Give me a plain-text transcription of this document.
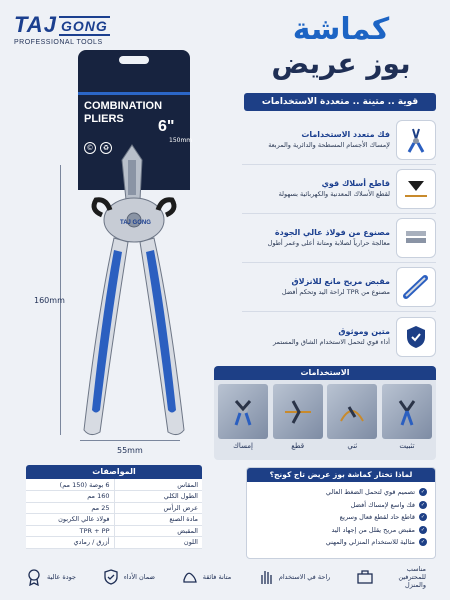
TAJ GONG
PROFESSIONAL TOOLS	كماشة
بوز عريض
قوية .. متينة .. متعددة الاستخدامات
COMBINATION
PLIERS	6"
150mm
©	♻
TAJ GONG
160mm
55mm
فك متعدد الاستخدامات
لإمساك الأجسام المسطحة والدائرية والمربعة
قاطع أسلاك قوي
لقطع الأسلاك المعدنية والكهربائية بسهولة
مصنوع من فولاذ عالي الجودة
معالجة حرارياً لصلابة ومتانة أعلى وعمر أطول
مقبض مريح مانع للانزلاق
مصنوع من TPR لراحة اليد وتحكم أفضل
متين وموثوق
أداء قوي لتحمل الاستخدام الشاق والمستمر
الاستخدامات
تثبيت
ثني
قطع
إمساك
المواصفات
6 بوصة (150 مم)	المقاس
160 مم	الطول الكلي
25 مم	عرض الرأس
فولاذ عالي الكربون	مادة الصنع
TPR + PP	المقبض
أزرق / رمادي	اللون
لماذا تختار كماشة بوز عريض تاج كونج؟
✓
تصميم قوي لتحمل الضغط العالي
✓
فك واسع لإمساك أفضل
✓
قاطع حاد لقطع فعال وسريع
✓
مقبض مريح يقلل من إجهاد اليد
✓
مثالية للاستخدام المنزلي والمهني
مناسب للمحترفين والمنزل
راحة في الاستخدام
متانة فائقة
ضمان الأداء
جودة عالية
